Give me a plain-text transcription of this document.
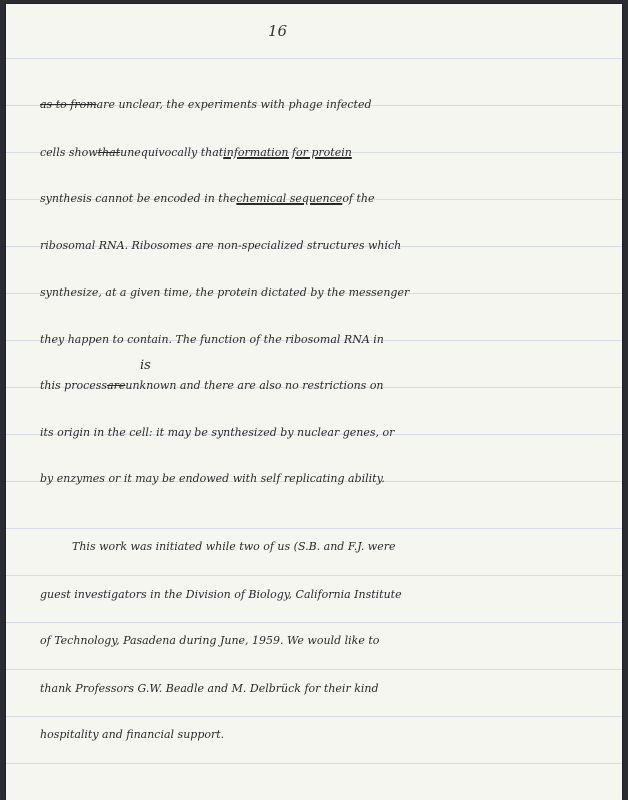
16
as to fromare unclear, the experiments with phage infected
cells showthatunequivocally thatinformation for protein
synthesis cannot be encoded in thechemical sequenceof the
ribosomal RNA. Ribosomes are non-specialized structures which
synthesize, at a given time, the protein dictated by the messenger
they happen to contain. The function of the ribosomal RNA in
this processareunknown and there are also no restrictions on
is
its origin in the cell: it may be synthesized by nuclear genes, or
by enzymes or it may be endowed with self replicating ability.
This work was initiated while two of us (S.B. and F.J. were
guest investigators in the Division of Biology, California Institute
of Technology, Pasadena during June, 1959. We would like to
thank Professors G.W. Beadle and M. Delbrück for their kind
hospitality and financial support.
